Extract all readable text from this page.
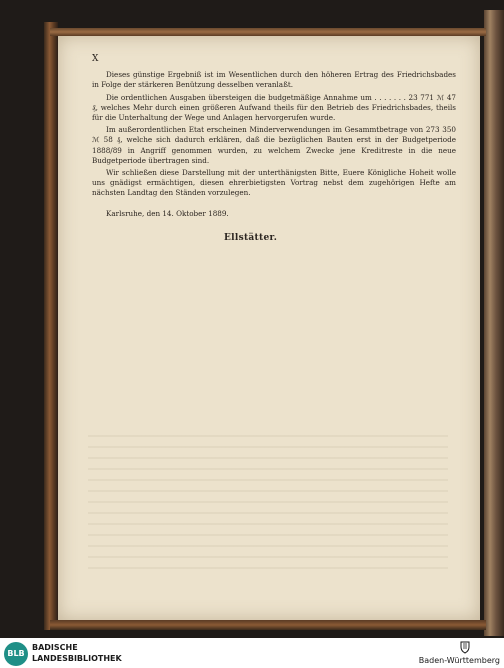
X

Dieses günstige Ergebniß ist im Wesentlichen durch den höheren Ertrag des Friedrichsbades in Folge der stärkeren Benützung desselben veranlaßt.

Die ordentlichen Ausgaben übersteigen die budgetmäßige Annahme um . . . . . . . 23 771 ℳ 47 ₰, welches Mehr durch einen größeren Aufwand theils für den Betrieb des Friedrichsbades, theils für die Unterhaltung der Wege und Anlagen hervorgerufen wurde.

Im außerordentlichen Etat erscheinen Minderverwendungen im Gesammtbetrage von 273 350 ℳ 58 ₰, welche sich dadurch erklären, daß die bezüglichen Bauten erst in der Budgetperiode 1888/89 in Angriff genommen wurden, zu welchem Zwecke jene Kreditreste in die neue Budgetperiode übertragen sind.

Wir schließen diese Darstellung mit der unterthänigsten Bitte, Euere Königliche Hoheit wolle uns gnädigst ermächtigen, diesen ehrerbietigsten Vortrag nebst dem zugehörigen Hefte am nächsten Landtag den Ständen vorzulegen.

Karlsruhe, den 14. Oktober 1889.
Ellstätter.
BLB
BADISCHE
LANDESBIBLIOTHEK	Baden-Württemberg
